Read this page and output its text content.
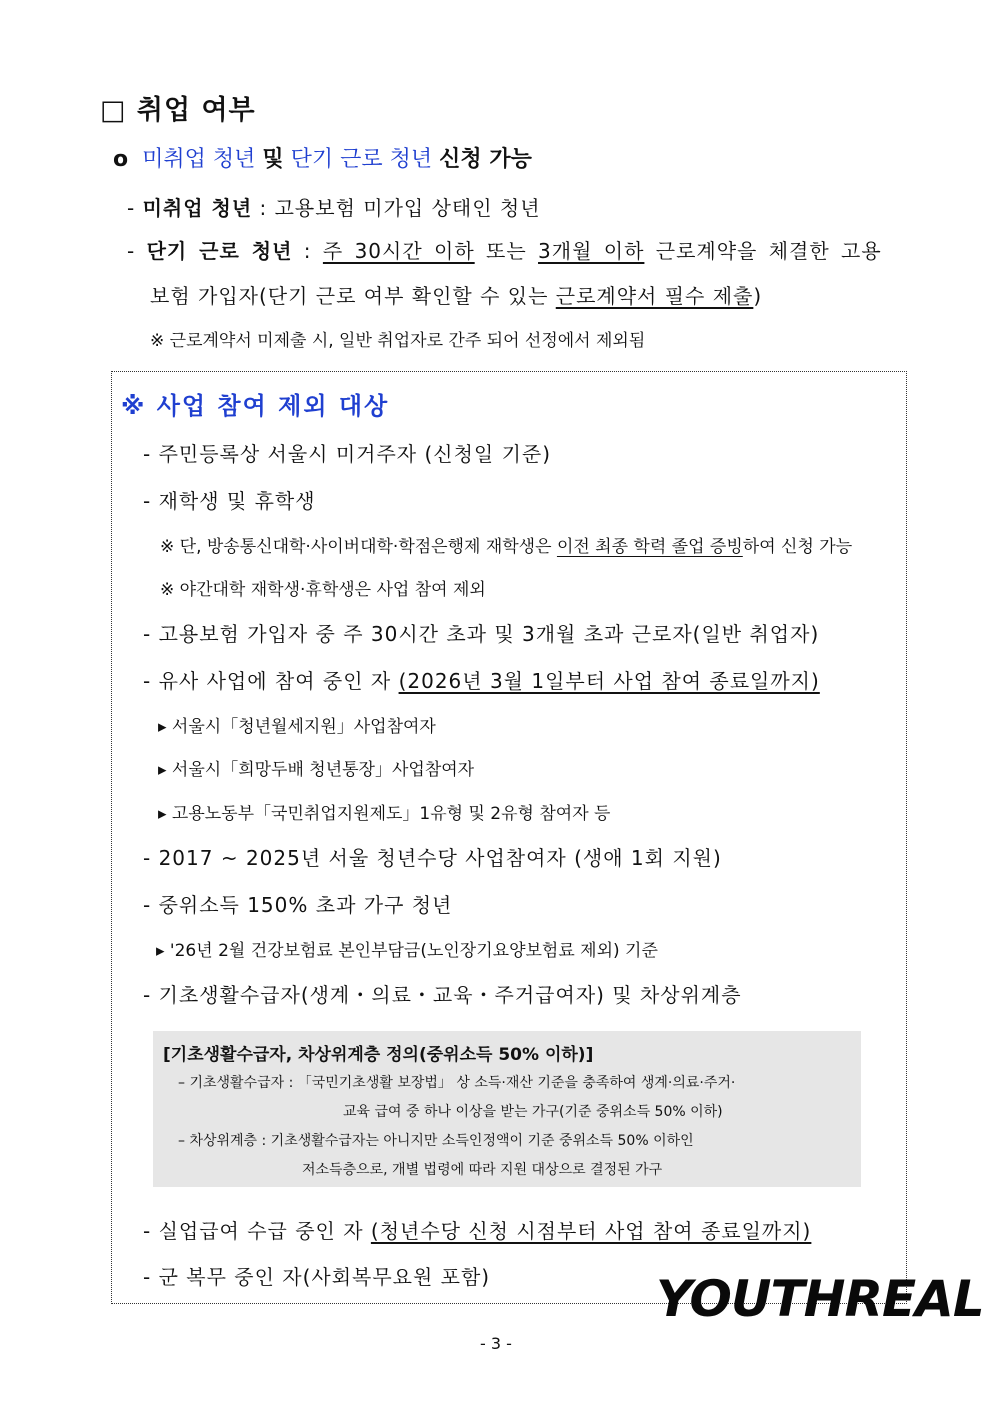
□ 취업 여부
o 미취업 청년 및 단기 근로 청년 신청 가능
- 미취업 청년 : 고용보험 미가입 상태인 청년
- 단기 근로 청년 : 주 30시간 이하 또는 3개월 이하 근로계약을 체결한 고용
보험 가입자(단기 근로 여부 확인할 수 있는 근로계약서 필수 제출)
※ 근로계약서 미제출 시, 일반 취업자로 간주 되어 선정에서 제외됨
※ 사업 참여 제외 대상
- 주민등록상 서울시 미거주자 (신청일 기준)
- 재학생 및 휴학생
※ 단, 방송통신대학·사이버대학·학점은행제 재학생은 이전 최종 학력 졸업 증빙하여 신청 가능
※ 야간대학 재학생·휴학생은 사업 참여 제외
- 고용보험 가입자 중 주 30시간 초과 및 3개월 초과 근로자(일반 취업자)
- 유사 사업에 참여 중인 자 (2026년 3월 1일부터 사업 참여 종료일까지)
▸ 서울시「청년월세지원」사업참여자
▸ 서울시「희망두배 청년통장」사업참여자
▸ 고용노동부「국민취업지원제도」1유형 및 2유형 참여자 등
- 2017 ~ 2025년 서울 청년수당 사업참여자 (생애 1회 지원)
- 중위소득 150% 초과 가구 청년
▸ '26년 2월 건강보험료 본인부담금(노인장기요양보험료 제외) 기준
- 기초생활수급자(생계・의료・교육・주거급여자) 및 차상위계층
[기초생활수급자, 차상위계층 정의(중위소득 50% 이하)]
– 기초생활수급자 : 「국민기초생활 보장법」 상 소득·재산 기준을 충족하여 생계·의료·주거·
교육 급여 중 하나 이상을 받는 가구(기준 중위소득 50% 이하)
– 차상위계층 : 기초생활수급자는 아니지만 소득인정액이 기준 중위소득 50% 이하인
저소득층으로, 개별 법령에 따라 지원 대상으로 결정된 가구
- 실업급여 수급 중인 자 (청년수당 신청 시점부터 사업 참여 종료일까지)
- 군 복무 중인 자(사회복무요원 포함)	YOUTHREAL
- 3 -
